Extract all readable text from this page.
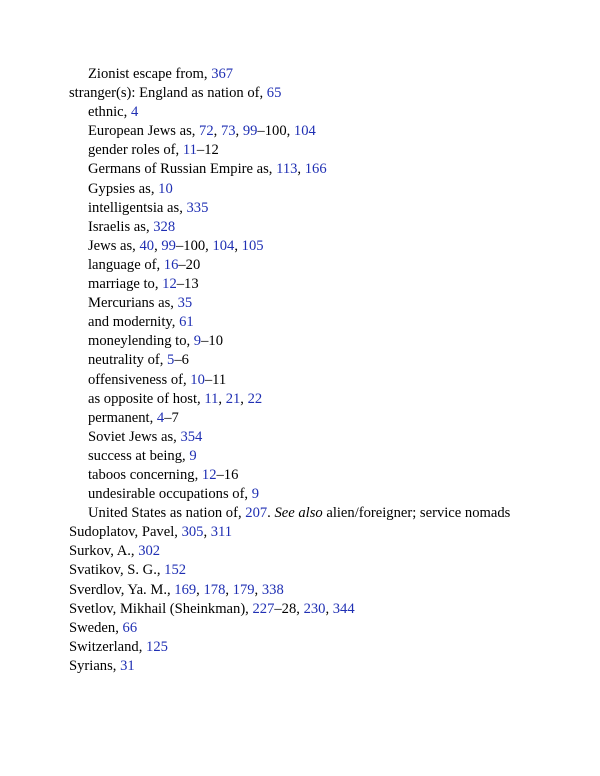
Zionist escape from, 367
stranger(s): England as nation of, 65
ethnic, 4
European Jews as, 72, 73, 99–100, 104
gender roles of, 11–12
Germans of Russian Empire as, 113, 166
Gypsies as, 10
intelligentsia as, 335
Israelis as, 328
Jews as, 40, 99–100, 104, 105
language of, 16–20
marriage to, 12–13
Mercurians as, 35
and modernity, 61
moneylending to, 9–10
neutrality of, 5–6
offensiveness of, 10–11
as opposite of host, 11, 21, 22
permanent, 4–7
Soviet Jews as, 354
success at being, 9
taboos concerning, 12–16
undesirable occupations of, 9
United States as nation of, 207. See also alien/foreigner; service nomads
Sudoplatov, Pavel, 305, 311
Surkov, A., 302
Svatikov, S. G., 152
Sverdlov, Ya. M., 169, 178, 179, 338
Svetlov, Mikhail (Sheinkman), 227–28, 230, 344
Sweden, 66
Switzerland, 125
Syrians, 31
